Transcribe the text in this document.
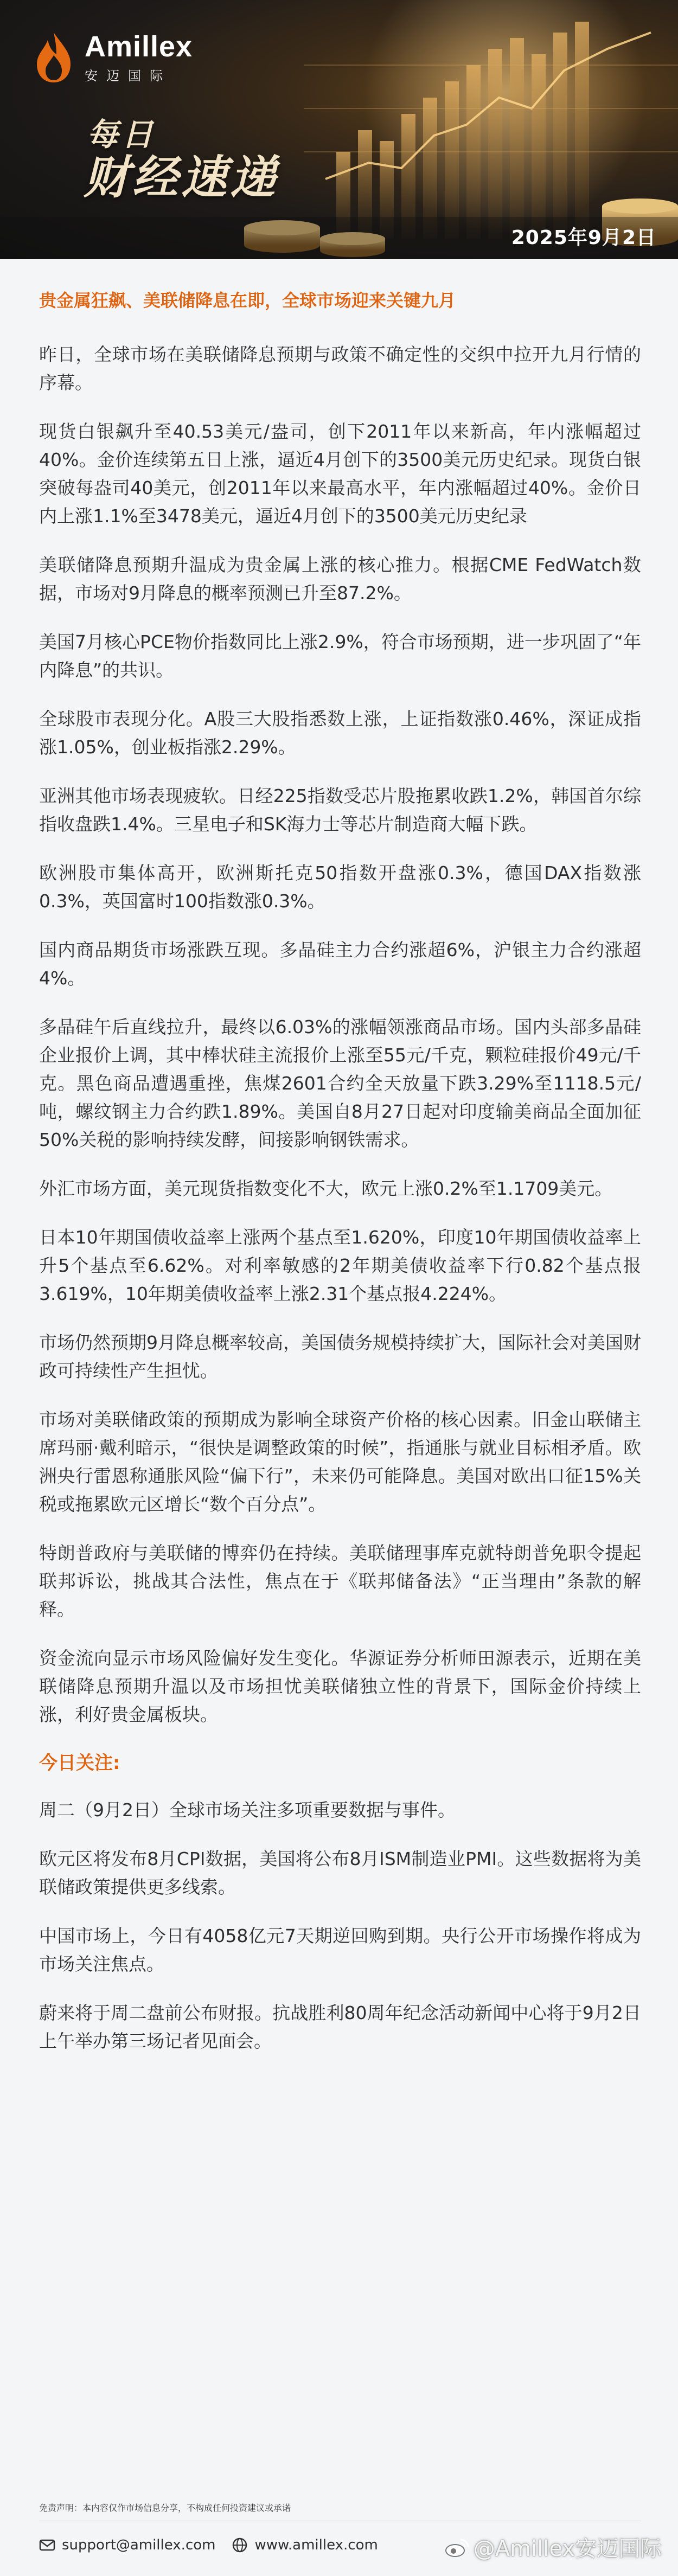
Amillex
安迈国际
每日
财经速递
2025年9月2日
贵金属狂飙、美联储降息在即，全球市场迎来关键九月
昨日，全球市场在美联储降息预期与政策不确定性的交织中拉开九月行情的序幕。
现货白银飙升至40.53美元/盎司，创下2011年以来新高，年内涨幅超过40%。金价连续第五日上涨，逼近4月创下的3500美元历史纪录。现货白银突破每盎司40美元，创2011年以来最高水平，年内涨幅超过40%。金价日内上涨1.1%至3478美元，逼近4月创下的3500美元历史纪录
美联储降息预期升温成为贵金属上涨的核心推力。根据CME FedWatch数据，市场对9月降息的概率预测已升至87.2%。
美国7月核心PCE物价指数同比上涨2.9%，符合市场预期，进一步巩固了“年内降息”的共识。
全球股市表现分化。A股三大股指悉数上涨，上证指数涨0.46%，深证成指涨1.05%，创业板指涨2.29%。
亚洲其他市场表现疲软。日经225指数受芯片股拖累收跌1.2%，韩国首尔综指收盘跌1.4%。三星电子和SK海力士等芯片制造商大幅下跌。
欧洲股市集体高开，欧洲斯托克50指数开盘涨0.3%，德国DAX指数涨0.3%，英国富时100指数涨0.3%。
国内商品期货市场涨跌互现。多晶硅主力合约涨超6%，沪银主力合约涨超4%。
多晶硅午后直线拉升，最终以6.03%的涨幅领涨商品市场。国内头部多晶硅企业报价上调，其中棒状硅主流报价上涨至55元/千克，颗粒硅报价49元/千克。黑色商品遭遇重挫，焦煤2601合约全天放量下跌3.29%至1118.5元/吨，螺纹钢主力合约跌1.89%。美国自8月27日起对印度输美商品全面加征50%关税的影响持续发酵，间接影响钢铁需求。
外汇市场方面，美元现货指数变化不大，欧元上涨0.2%至1.1709美元。
日本10年期国债收益率上涨两个基点至1.620%，印度10年期国债收益率上升5个基点至6.62%。对利率敏感的2年期美债收益率下行0.82个基点报3.619%，10年期美债收益率上涨2.31个基点报4.224%。
市场仍然预期9月降息概率较高，美国债务规模持续扩大，国际社会对美国财政可持续性产生担忧。
市场对美联储政策的预期成为影响全球资产价格的核心因素。旧金山联储主席玛丽·戴利暗示，“很快是调整政策的时候”，指通胀与就业目标相矛盾。欧洲央行雷恩称通胀风险“偏下行”，未来仍可能降息。美国对欧出口征15%关税或拖累欧元区增长“数个百分点”。
特朗普政府与美联储的博弈仍在持续。美联储理事库克就特朗普免职令提起联邦诉讼，挑战其合法性，焦点在于《联邦储备法》“正当理由”条款的解释。
资金流向显示市场风险偏好发生变化。华源证券分析师田源表示，近期在美联储降息预期升温以及市场担忧美联储独立性的背景下，国际金价持续上涨，利好贵金属板块。
今日关注:
周二（9月2日）全球市场关注多项重要数据与事件。
欧元区将发布8月CPI数据，美国将公布8月ISM制造业PMI。这些数据将为美联储政策提供更多线索。
中国市场上，今日有4058亿元7天期逆回购到期。央行公开市场操作将成为市场关注焦点。
蔚来将于周二盘前公布财报。抗战胜利80周年纪念活动新闻中心将于9月2日上午举办第三场记者见面会。
免责声明：本内容仅作市场信息分享，不构成任何投资建议或承诺
support@amillex.com	www.amillex.com	@Amillex安迈国际
